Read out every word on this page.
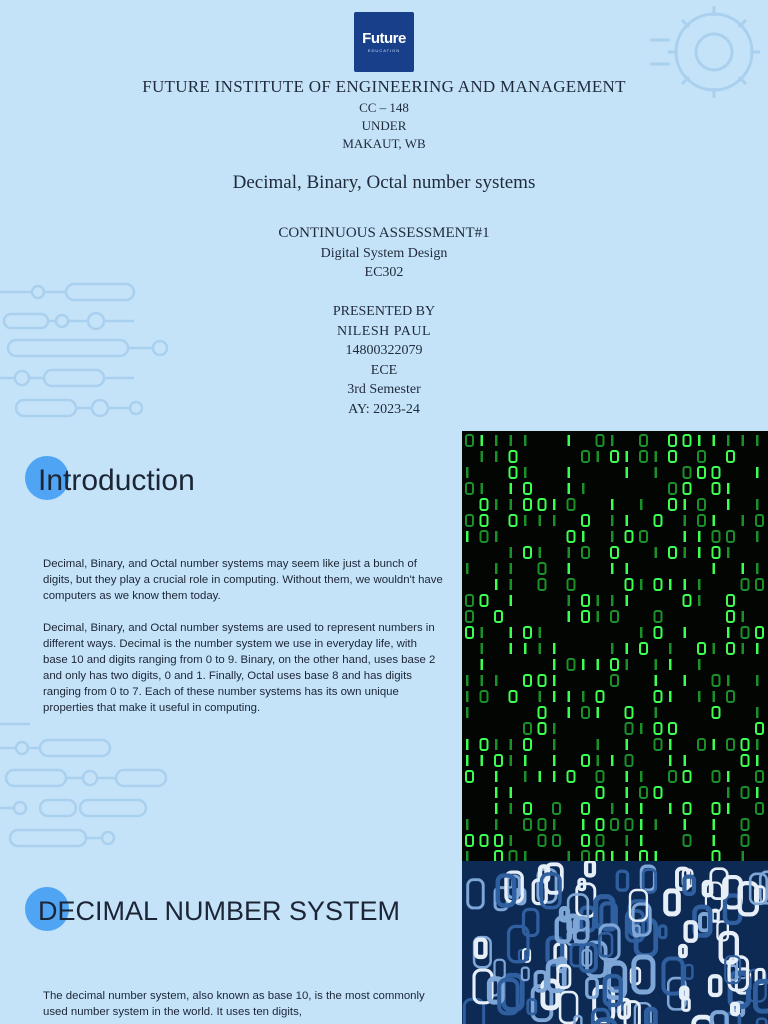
Future
EDUCATION
FUTURE INSTITUTE OF ENGINEERING AND MANAGEMENT
CC – 148
UNDER
MAKAUT, WB
Decimal, Binary, Octal number systems
CONTINUOUS ASSESSMENT#1
Digital System Design
EC302
PRESENTED BY
NILESH PAUL
14800322079
ECE
3rd Semester
AY: 2023-24
Introduction
Decimal, Binary, and Octal number systems may seem like just a bunch of digits, but they play a crucial role in computing. Without them, we wouldn't have computers as we know them today.
Decimal, Binary, and Octal number systems are used to represent numbers in different ways. Decimal is the number system we use in everyday life, with base 10 and digits ranging from 0 to 9. Binary, on the other hand, uses base 2 and only has two digits, 0 and 1. Finally, Octal uses base 8 and has digits ranging from 0 to 7. Each of these number systems has its own unique properties that make it useful in computing.
DECIMAL NUMBER SYSTEM
The decimal number system, also known as base 10, is the most commonly used number system in the world. It uses ten digits,
